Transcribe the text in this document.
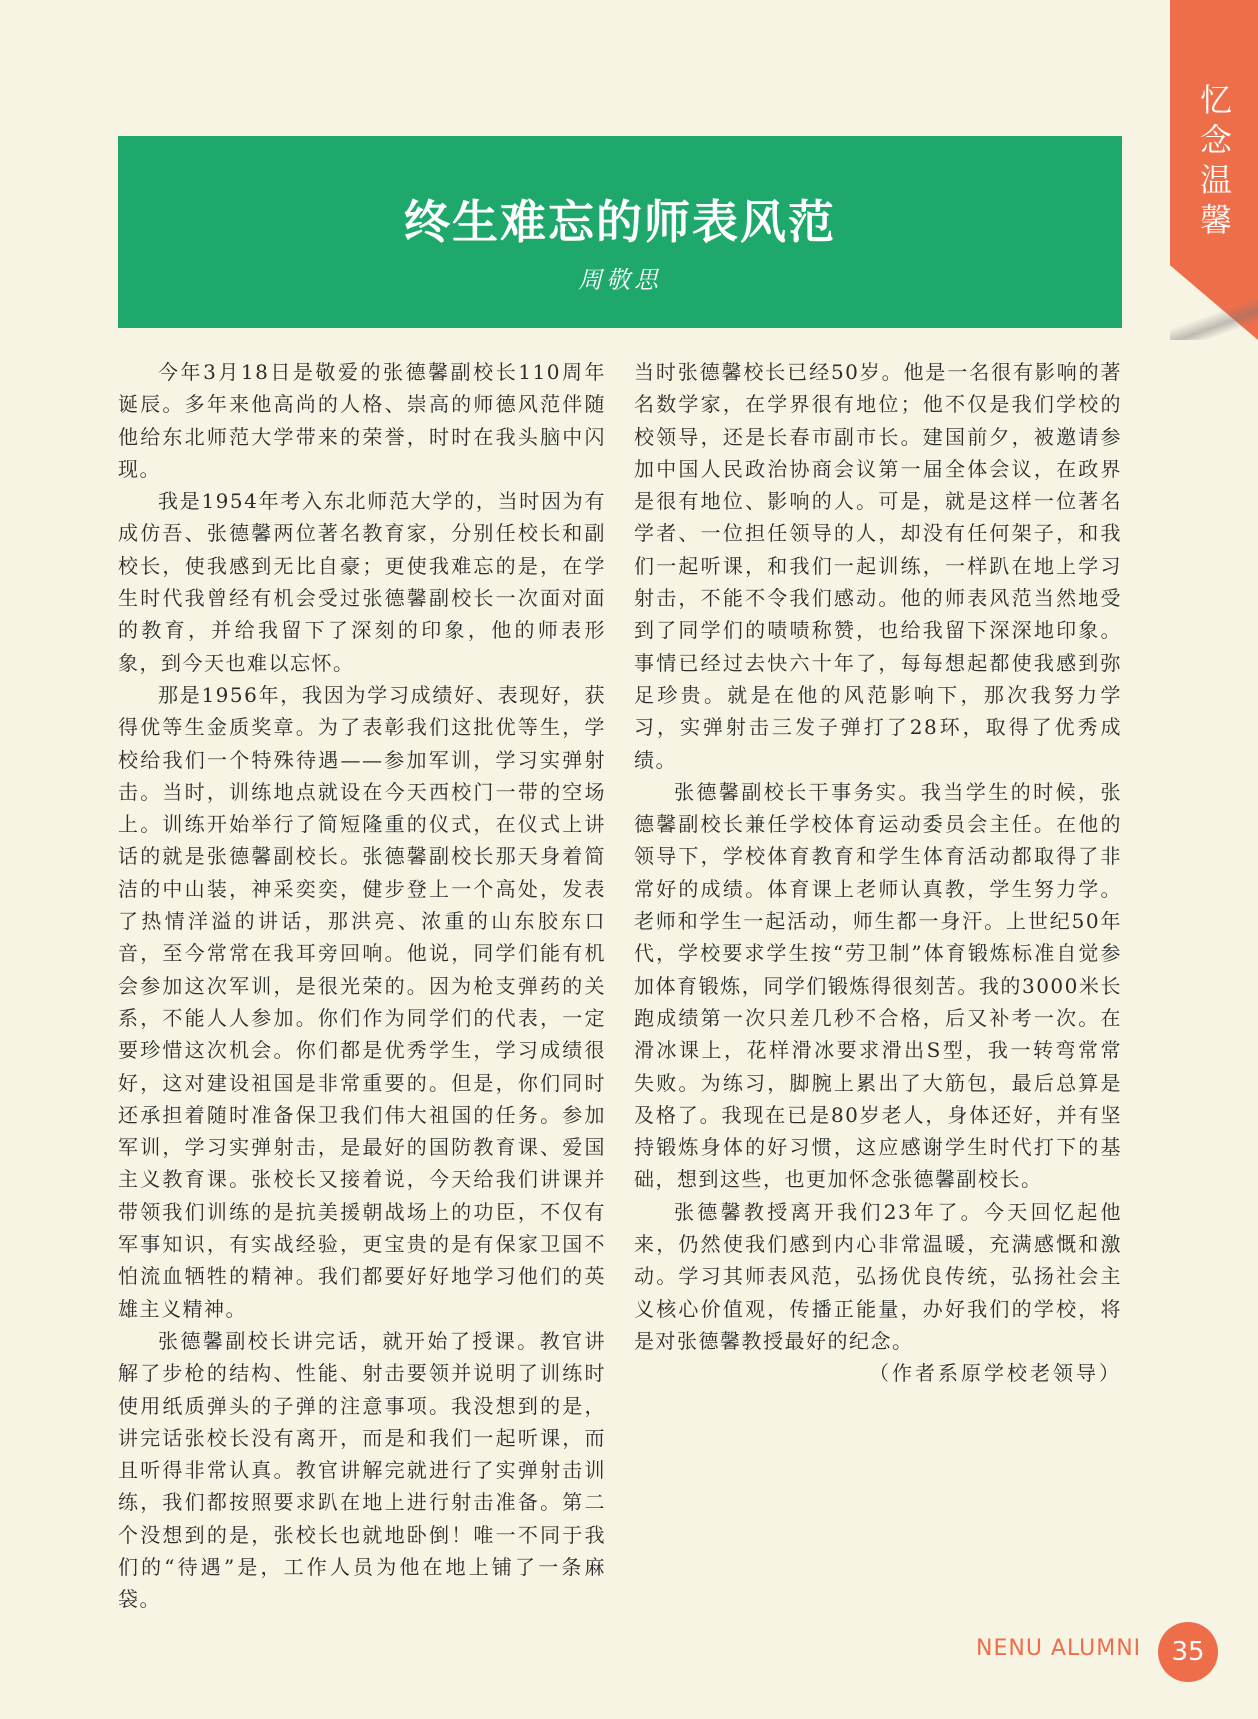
忆念温馨
终生难忘的师表风范
周敬思

今年3月18日是敬爱的张德馨副校长110周年诞辰。多年来他高尚的人格、崇高的师德风范伴随他给东北师范大学带来的荣誉，时时在我头脑中闪现。

我是1954年考入东北师范大学的，当时因为有成仿吾、张德馨两位著名教育家，分别任校长和副校长，使我感到无比自豪；更使我难忘的是，在学生时代我曾经有机会受过张德馨副校长一次面对面的教育，并给我留下了深刻的印象，他的师表形象，到今天也难以忘怀。

那是1956年，我因为学习成绩好、表现好，获得优等生金质奖章。为了表彰我们这批优等生，学校给我们一个特殊待遇——参加军训，学习实弹射击。当时，训练地点就设在今天西校门一带的空场上。训练开始举行了简短隆重的仪式，在仪式上讲话的就是张德馨副校长。张德馨副校长那天身着简洁的中山装，神采奕奕，健步登上一个高处，发表了热情洋溢的讲话，那洪亮、浓重的山东胶东口音，至今常常在我耳旁回响。他说，同学们能有机会参加这次军训，是很光荣的。因为枪支弹药的关系，不能人人参加。你们作为同学们的代表，一定要珍惜这次机会。你们都是优秀学生，学习成绩很好，这对建设祖国是非常重要的。但是，你们同时还承担着随时准备保卫我们伟大祖国的任务。参加军训，学习实弹射击，是最好的国防教育课、爱国主义教育课。张校长又接着说，今天给我们讲课并带领我们训练的是抗美援朝战场上的功臣，不仅有军事知识，有实战经验，更宝贵的是有保家卫国不怕流血牺牲的精神。我们都要好好地学习他们的英雄主义精神。

张德馨副校长讲完话，就开始了授课。教官讲解了步枪的结构、性能、射击要领并说明了训练时使用纸质弹头的子弹的注意事项。我没想到的是，讲完话张校长没有离开，而是和我们一起听课，而且听得非常认真。教官讲解完就进行了实弹射击训练，我们都按照要求趴在地上进行射击准备。第二个没想到的是，张校长也就地卧倒！唯一不同于我们的“待遇”是，工作人员为他在地上铺了一条麻袋。

当时张德馨校长已经50岁。他是一名很有影响的著名数学家，在学界很有地位；他不仅是我们学校的校领导，还是长春市副市长。建国前夕，被邀请参加中国人民政治协商会议第一届全体会议，在政界是很有地位、影响的人。可是，就是这样一位著名学者、一位担任领导的人，却没有任何架子，和我们一起听课，和我们一起训练，一样趴在地上学习射击，不能不令我们感动。他的师表风范当然地受到了同学们的啧啧称赞，也给我留下深深地印象。事情已经过去快六十年了，每每想起都使我感到弥足珍贵。就是在他的风范影响下，那次我努力学习，实弹射击三发子弹打了28环，取得了优秀成绩。

张德馨副校长干事务实。我当学生的时候，张德馨副校长兼任学校体育运动委员会主任。在他的领导下，学校体育教育和学生体育活动都取得了非常好的成绩。体育课上老师认真教，学生努力学。老师和学生一起活动，师生都一身汗。上世纪50年代，学校要求学生按“劳卫制”体育锻炼标准自觉参加体育锻炼，同学们锻炼得很刻苦。我的3000米长跑成绩第一次只差几秒不合格，后又补考一次。在滑冰课上，花样滑冰要求滑出S型，我一转弯常常失败。为练习，脚腕上累出了大筋包，最后总算是及格了。我现在已是80岁老人，身体还好，并有坚持锻炼身体的好习惯，这应感谢学生时代打下的基础，想到这些，也更加怀念张德馨副校长。

张德馨教授离开我们23年了。今天回忆起他来，仍然使我们感到内心非常温暖，充满感慨和激动。学习其师表风范，弘扬优良传统，弘扬社会主义核心价值观，传播正能量，办好我们的学校，将是对张德馨教授最好的纪念。

（作者系原学校老领导）
NENU ALUMNI	35
